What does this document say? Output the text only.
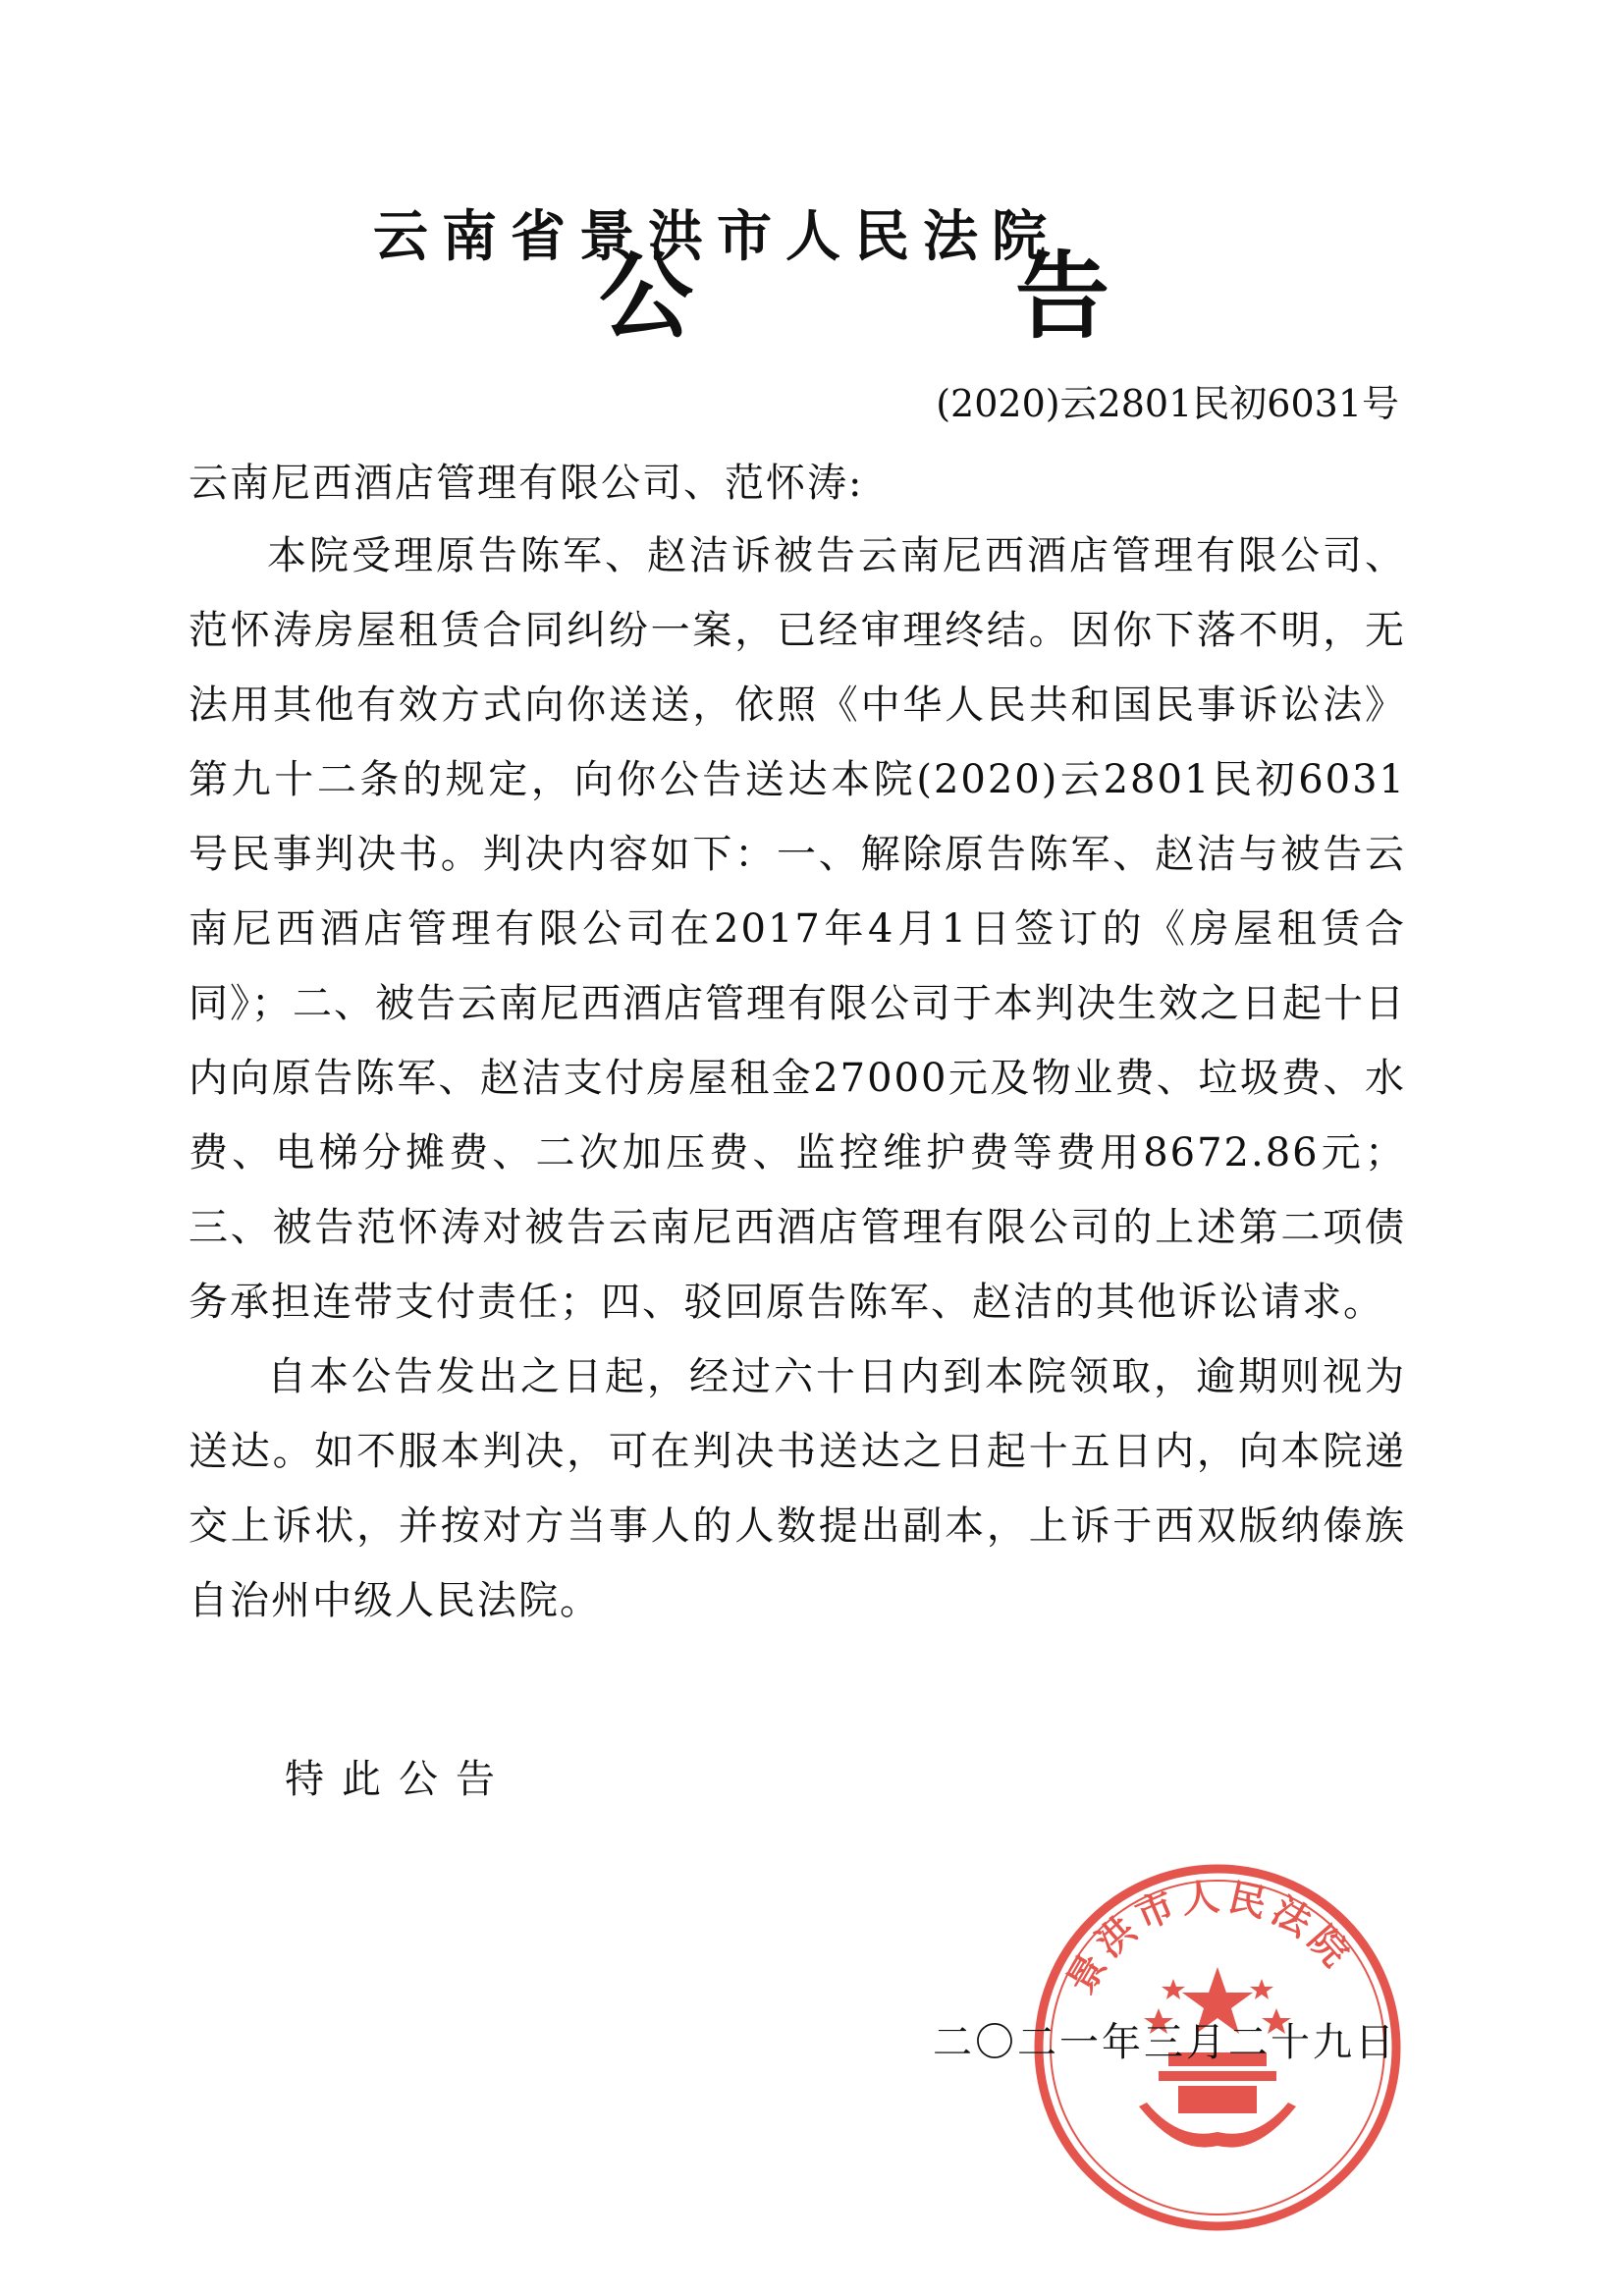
云南省景洪市人民法院
公	告
(2020)云2801民初6031号
云南尼西酒店管理有限公司、范怀涛:

本院受理原告陈军、赵洁诉被告云南尼西酒店管理有限公司、范怀涛房屋租赁合同纠纷一案，已经审理终结。因你下落不明，无法用其他有效方式向你送送，依照《中华人民共和国民事诉讼法》第九十二条的规定，向你公告送达本院(2020)云2801民初6031号民事判决书。判决内容如下：一、解除原告陈军、赵洁与被告云南尼西酒店管理有限公司在2017年4月1日签订的《房屋租赁合同》；二、被告云南尼西酒店管理有限公司于本判决生效之日起十日内向原告陈军、赵洁支付房屋租金27000元及物业费、垃圾费、水费、电梯分摊费、二次加压费、监控维护费等费用8672.86元；三、被告范怀涛对被告云南尼西酒店管理有限公司的上述第二项债务承担连带支付责任；四、驳回原告陈军、赵洁的其他诉讼请求。

自本公告发出之日起，经过六十日内到本院领取，逾期则视为送达。如不服本判决，可在判决书送达之日起十五日内，向本院递交上诉状，并按对方当事人的人数提出副本，上诉于西双版纳傣族自治州中级人民法院。

特此公告
景洪市人民法院
二〇二一年三月二十九日
